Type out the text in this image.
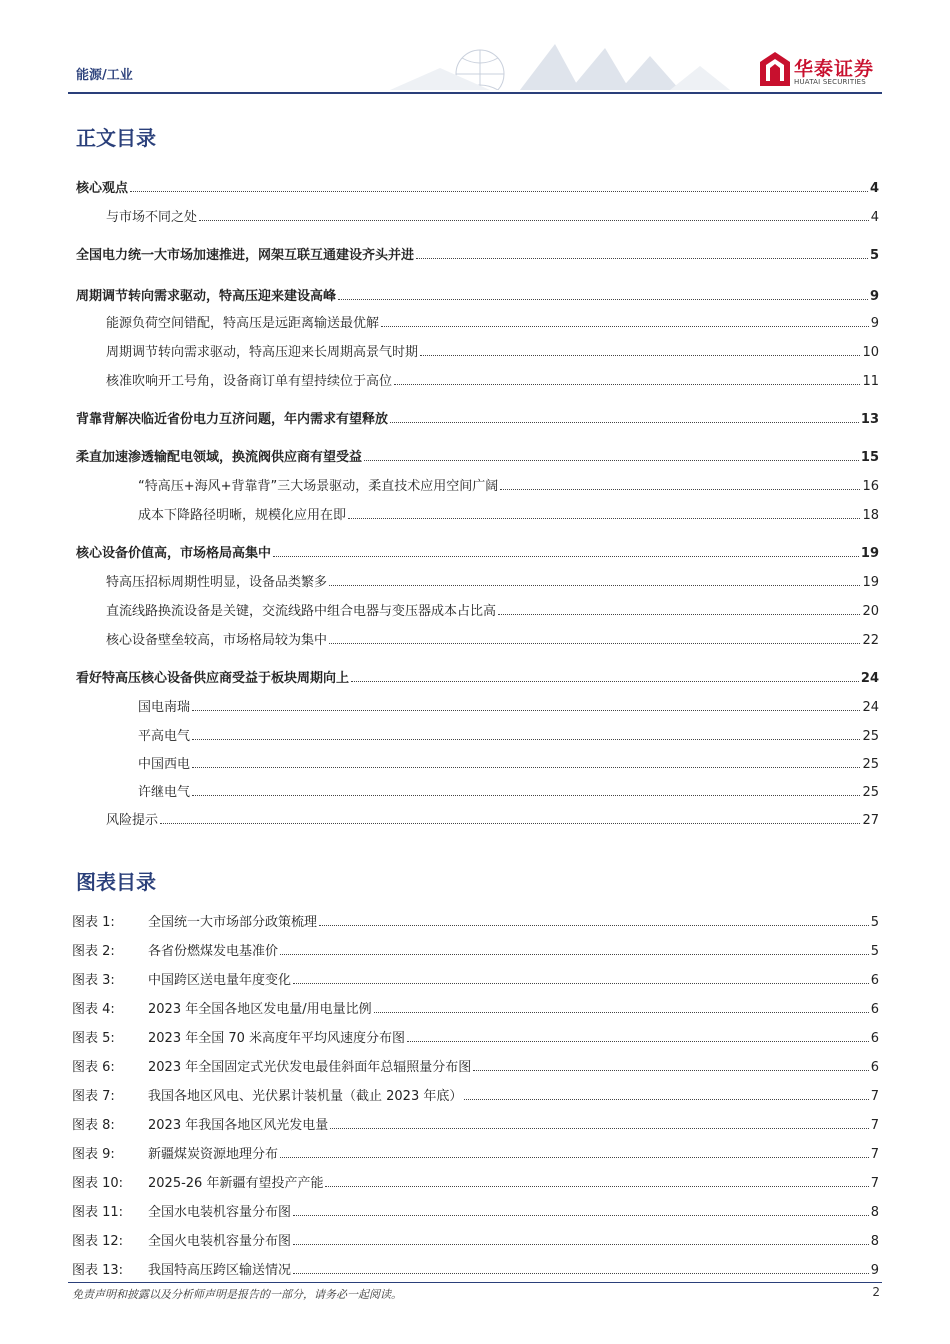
能源/工业	华泰证券
HUATAI SECURITIES
正文目录
核心观点	4
与市场不同之处	4
全国电力统一大市场加速推进，网架互联互通建设齐头并进	5
周期调节转向需求驱动，特高压迎来建设高峰	9
能源负荷空间错配，特高压是远距离输送最优解	9
周期调节转向需求驱动，特高压迎来长周期高景气时期	10
核准吹响开工号角，设备商订单有望持续位于高位	11
背靠背解决临近省份电力互济问题，年内需求有望释放	13
柔直加速渗透输配电领域，换流阀供应商有望受益	15
“特高压+海风+背靠背”三大场景驱动，柔直技术应用空间广阔	16
成本下降路径明晰，规模化应用在即	18
核心设备价值高，市场格局高集中	19
特高压招标周期性明显，设备品类繁多	19
直流线路换流设备是关键，交流线路中组合电器与变压器成本占比高	20
核心设备壁垒较高，市场格局较为集中	22
看好特高压核心设备供应商受益于板块周期向上	24
国电南瑞	24
平高电气	25
中国西电	25
许继电气	25
风险提示	27
图表目录
图表 1:	全国统一大市场部分政策梳理	5
图表 2:	各省份燃煤发电基准价	5
图表 3:	中国跨区送电量年度变化	6
图表 4:	2023 年全国各地区发电量/用电量比例	6
图表 5:	2023 年全国 70 米高度年平均风速度分布图	6
图表 6:	2023 年全国固定式光伏发电最佳斜面年总辐照量分布图	6
图表 7:	我国各地区风电、光伏累计装机量（截止 2023 年底）	7
图表 8:	2023 年我国各地区风光发电量	7
图表 9:	新疆煤炭资源地理分布	7
图表 10:	2025-26 年新疆有望投产产能	7
图表 11:	全国水电装机容量分布图	8
图表 12:	全国火电装机容量分布图	8
图表 13:	我国特高压跨区输送情况	9
免责声明和披露以及分析师声明是报告的一部分，请务必一起阅读。	2
